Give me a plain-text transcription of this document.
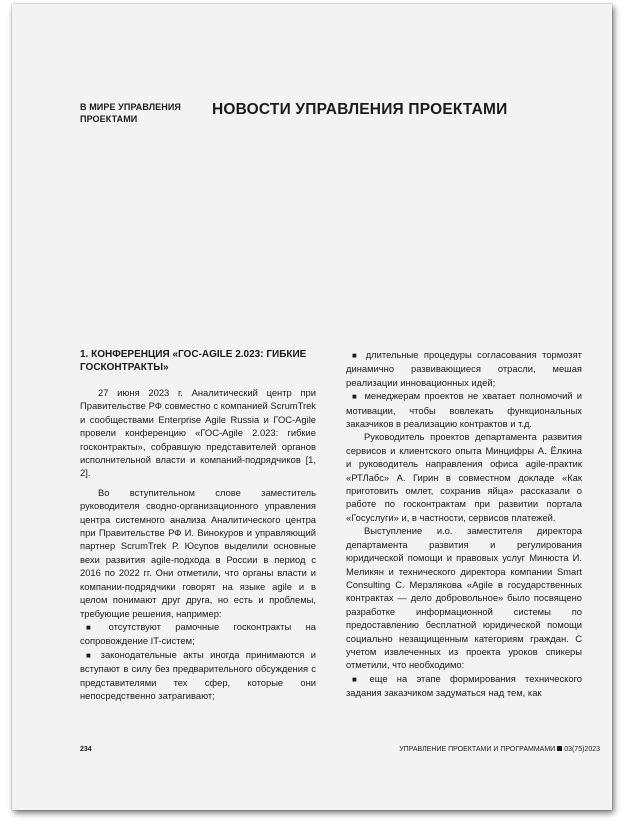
В МИРЕ УПРАВЛЕНИЯ ПРОЕКТАМИ
НОВОСТИ УПРАВЛЕНИЯ ПРОЕКТАМИ
1. КОНФЕРЕНЦИЯ «ГОС-AGILE 2.023: ГИБКИЕ ГОСКОНТРАКТЫ»

27 июня 2023 г. Аналитический центр при Правительстве РФ совместно с компанией ScrumTrek и сообществами Enterprise Agile Russia и ГОС-Agile провели конференцию «ГОС-Agile 2.023: гибкие госконтракты», собравшую представителей органов исполнительной власти и компаний-подрядчиков [1, 2].

Во вступительном слове заместитель руководителя сводно-организационного управления центра системного анализа Аналитического центра при Правительстве РФ И. Винокуров и управляющий партнер ScrumTrek Р. Юсупов выделили основные вехи развития agile-подхода в России в период с 2016 по 2022 гг. Они отметили, что органы власти и компании-подрядчики говорят на языке agile и в целом понимают друг друга, но есть и проблемы, требующие решения, например:

■ отсутствуют рамочные госконтракты на сопровождение IT-систем;

■ законодательные акты иногда принимаются и вступают в силу без предварительного обсуждения с представителями тех сфер, которые они непосредственно затрагивают;

■ длительные процедуры согласования тормозят динамично развивающиеся отрасли, мешая реализации инновационных идей;

■ менеджерам проектов не хватает полномочий и мотивации, чтобы вовлекать функциональных заказчиков в реализацию контрактов и т.д.

Руководитель проектов департамента развития сервисов и клиентского опыта Минцифры А. Ёлкина и руководитель направления офиса agile-практик «РТЛабс» А. Гирин в совместном докладе «Как приготовить омлет, сохранив яйца» рассказали о работе по госконтрактам при развитии портала «Госуслуги» и, в частности, сервисов платежей.

Выступление и.о. заместителя директора департамента развития и регулирования юридической помощи и правовых услуг Минюста И. Меликян и технического директора компании Smart Consulting С. Мерзлякова «Agile в государственных контрактах — дело добровольное» было посвящено разработке информационной системы по предоставлению бесплатной юридической помощи социально незащищенным категориям граждан. С учетом извлеченных из проекта уроков спикеры отметили, что необходимо:

■ еще на этапе формирования технического задания заказчиком задуматься над тем, как

234	УПРАВЛЕНИЕ ПРОЕКТАМИ И ПРОГРАММАМИ 03(75)2023
